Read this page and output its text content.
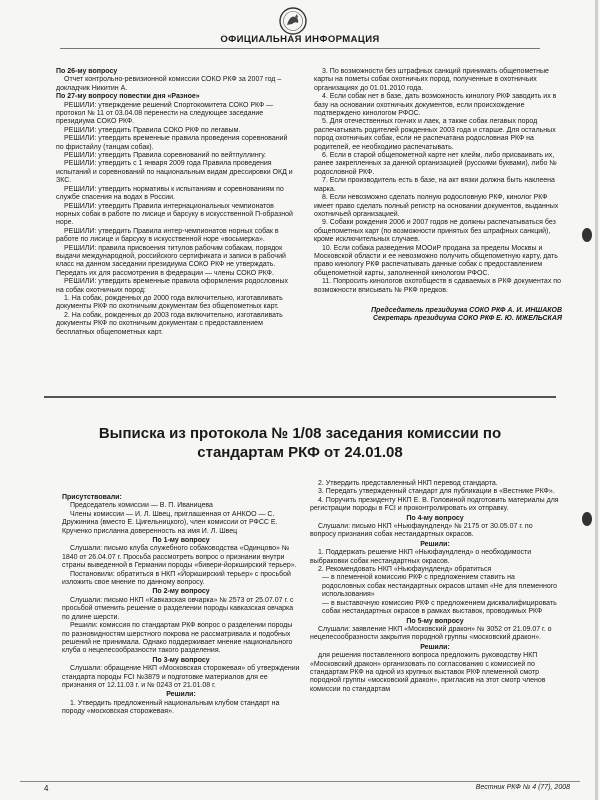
ОФИЦИАЛЬНАЯ ИНФОРМАЦИЯ

По 26-му вопросу

Отчет контрольно-ревизионной комиссии СОКО РКФ за 2007 год – докладчик Никитин А.

По 27-му вопросу повестки дня «Разное»

РЕШИЛИ: утверждение решений Спортокомитета СОКО РКФ — протокол № 11 от 03.04.08 перенести на следующее заседание президиума СОКО РКФ.

РЕШИЛИ: утвердить Правила СОКО РКФ по легавым.

РЕШИЛИ: утвердить временные правила проведения соревнований по фристайлу (танцам собак).

РЕШИЛИ: утвердить Правила соревнований по вейтпуллингу.

РЕШИЛИ: утвердить с 1 января 2009 года Правила проведения испытаний и соревнований по национальным видам дрессировки ОКД и ЗКС.

РЕШИЛИ: утвердить нормативы к испытаниям и соревнованиям по службе спасения на водах в России.

РЕШИЛИ: утвердить Правила интернациональных чемпионатов норных собак в работе по лисице и барсуку в искусственной П-образной норе.

РЕШИЛИ: утвердить Правила интер-чемпионатов норных собак в работе по лисице и барсуку в искусственной норе «восьмерка».

РЕШИЛИ: правила присвоения титулов рабочим собакам, порядок выдачи международной, российского сертификата и записи в рабочий класс на данном заседании президиума СОКО РКФ не утверждать. Передать их для рассмотрения в федерации — члены СОКО РКФ.

РЕШИЛИ: утвердить временные правила оформления родословных на собак охотничьих пород:

1. На собак, рожденных до 2000 года включительно, изготавливать документы РКФ по охотничьим документам без общепометных карт.

2. На собак, рожденных до 2003 года включительно, изготавливать документы РКФ по охотничьим документам с предоставлением бесплатных общепометных карт.

3. По возможности без штрафных санкций принимать общепометные карты на пометы собак охотничьих пород, полученные в охотничьих организациях до 01.01.2010 года.

4. Если собак нет в базе, дать возможность кинологу РКФ заводить их в базу на основании охотничьих документов, если происхождение подтверждено кинологом РФОС.

5. Для отечественных гончих и лаек, а также собак легавых пород распечатывать родителей рожденных 2003 года и старше. Для остальных пород охотничьих собак, если не распечатана родословная РКФ на родителей, ее необходимо распечатывать.

6. Если в старой общепометной карте нет клейм, либо присваивать их, ранее закрепленных за данной организацией (русскими буквами), либо № родословной РКФ.

7. Если производитель есть в базе, на акт вязки должна быть наклеена марка.

8. Если невозможно сделать полную родословную РКФ, кинолог РКФ имеет право сделать полный регистр на основании документов, выданных охотничьей организацией.

9. Собаки рождения 2006 и 2007 годов не должны распечатываться без общепометных карт (по возможности принятых без штрафных санкций), кроме исключительных случаев.

10. Если собака разведения МООиР продана за пределы Москвы и Московской области и ее невозможно получить общепометную карту, дать право кинологу РКФ распечатывать данные собак с предоставлением общепометной карты, заполненной кинологом РФОС.

11. Попросить кинологов охотобществ в сдаваемых в РКФ документах по возможности вписывать № РКФ предков.

Председатель президиума СОКО РКФ А. И. ИНШАКОВ

Секретарь президиума СОКО РКФ Е. Ю. МЖЕЛЬСКАЯ

Выписка из протокола № 1/08 заседания комиссии по стандартам РКФ от 24.01.08

Присутствовали:

Председатель комиссии — В. П. Иваницева

Члены комиссии — И. Л. Швец, приглашенная от АНКОО — С. Дружинина (вместо Е. Цигельницкого), член комиссии от РФСС Е. Крученко присланна доверенность на имя И. Л. Швец

По 1-му вопросу

Слушали: письмо клуба служебного собаководства «Одинцово» № 1840 от 26.04.07 г. Просьба рассмотреть вопрос о признании внутри страны выведенной в Германии породы «бивери-йоркширский терьер».

Постановили: обратиться в НКП «Йоркширский терьер» с просьбой изложить свое мнение по данному вопросу.

По 2-му вопросу

Слушали: письмо НКП «Кавказская овчарка» № 2573 от 25.07.07 г. с просьбой отменить решение о разделении породы кавказская овчарка по длине шерсти.

Решили: комиссия по стандартам РКФ вопрос о разделении породы по разновидностям шерстного покрова не рассматривала и подобных решений не принимала. Однако поддерживает мнение национального клуба о нецелесообразности такого разделения.

По 3-му вопросу

Слушали: обращение НКП «Московская сторожевая» об утверждении стандарта породы FCI №3879 и подготовке материалов для ее признания от 12.11.03 г. и № 0243 от 21.01.08 г.

Решили:

1. Утвердить предложенный национальным клубом стандарт на породу «московская сторожевая».

2. Утвердить представленный НКП перевод стандарта.

3. Передать утвержденный стандарт для публикации в «Вестнике РКФ».

4. Поручить президенту НКП Е. В. Головиной подготовить материалы для регистрации породы в FCI и проконтролировать их отправку.

По 4-му вопросу

Слушали: письмо НКП «Ньюфаундленд» № 2175 от 30.05.07 г. по вопросу признания собак нестандартных окрасов.

Решили:

1. Поддержать решение НКП «Ньюфаундленд» о необходимости выбраковки собак нестандартных окрасов.

2. Рекомендовать НКП «Ньюфаундленд» обратиться

— в племенной комиссию РКФ с предложением ставить на родословных собак нестандартных окрасов штамп «Не для племенного использования»

— в выставочную комиссию РКФ с предложением дисквалифицировать собак нестандартных окрасов в рамках выставок, проводимых РКФ

По 5-му вопросу

Слушали: заявление НКП «Московский дракон» № 3052 от 21.09.07 г. о нецелесообразности закрытия породной группы «московский дракон».

Решили:

для решения поставленного вопроса предложить руководству НКП «Московский дракон» организовать по согласованию с комиссией по стандартам РКФ на одной из крупных выставок РКФ племенной смотр породной группы «московский дракон», пригласив на этот смотр членов комиссии по стандартам

4	Вестник РКФ № 4 (77), 2008
